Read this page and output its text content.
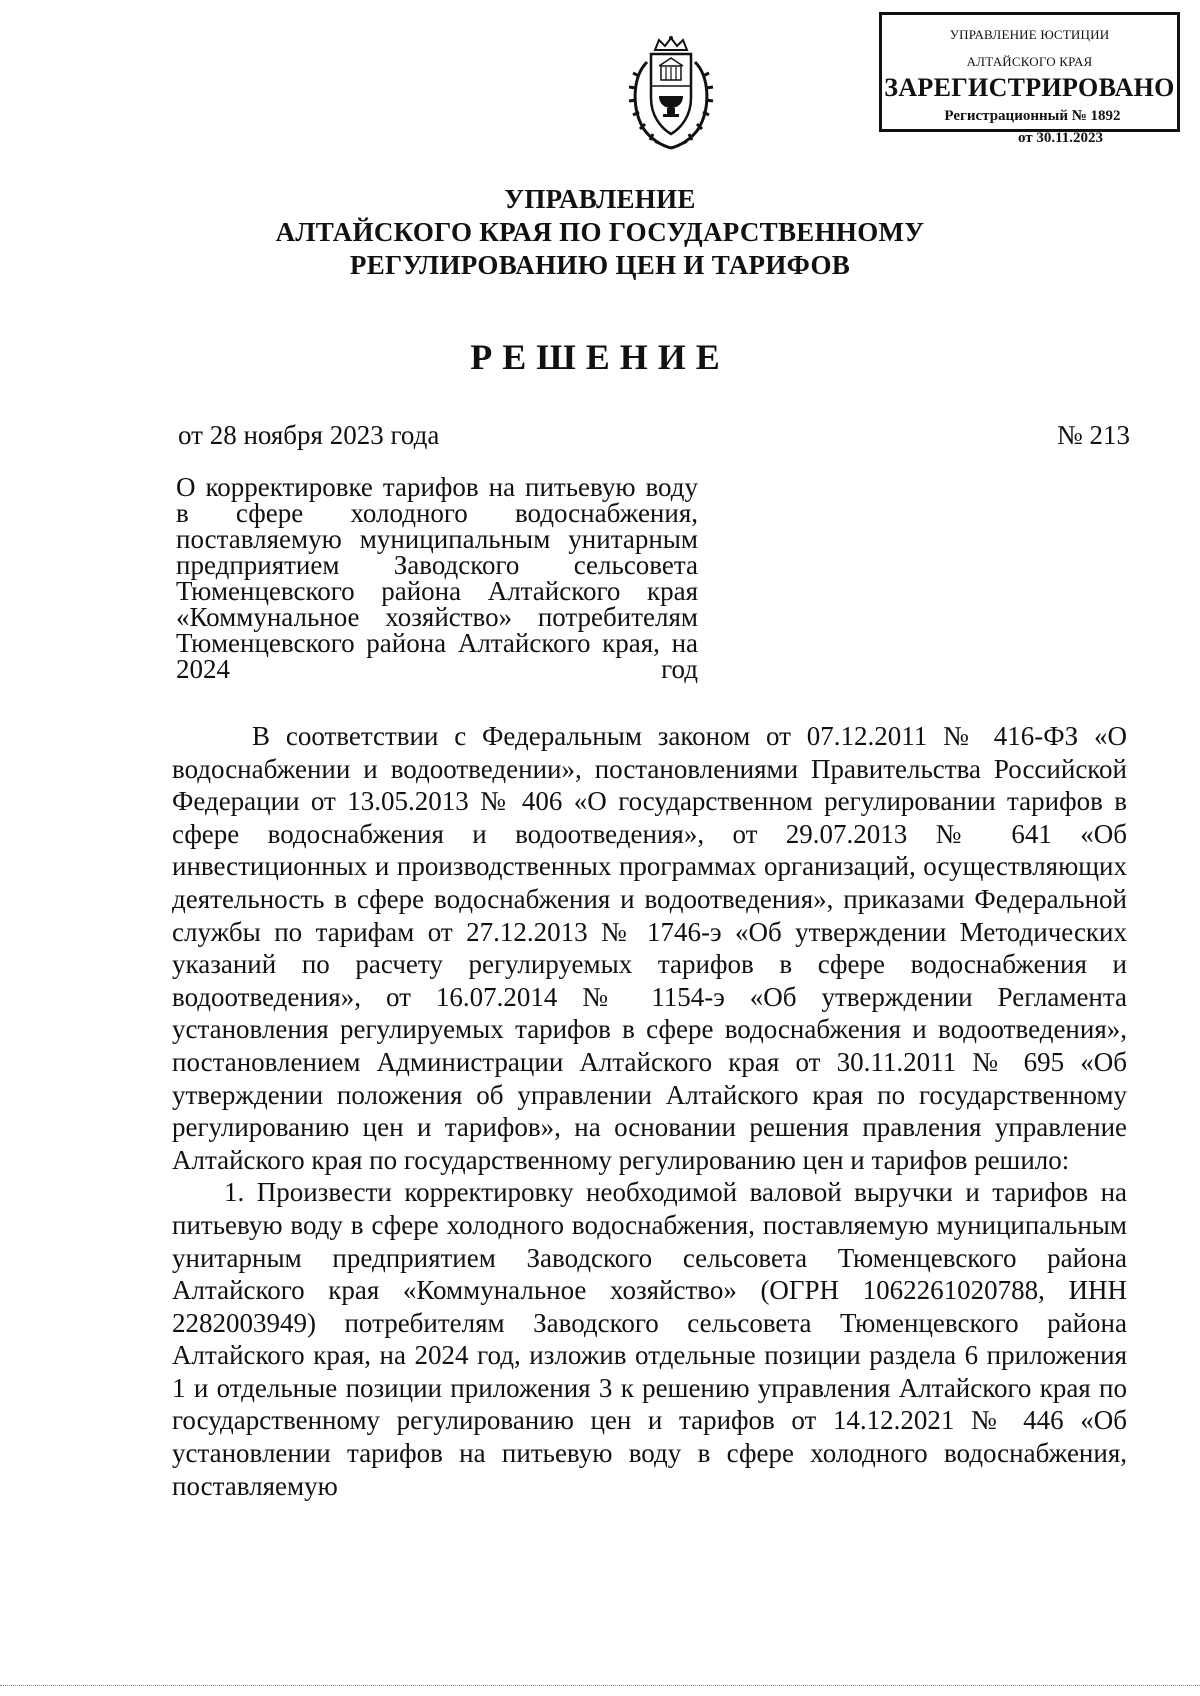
УПРАВЛЕНИЕ ЮСТИЦИИ
АЛТАЙСКОГО КРАЯ
ЗАРЕГИСТРИРОВАНО
Регистрационный № 1892
от 30.11.2023
УПРАВЛЕНИЕ
АЛТАЙСКОГО КРАЯ ПО ГОСУДАРСТВЕННОМУ
РЕГУЛИРОВАНИЮ ЦЕН И ТАРИФОВ
РЕШЕНИЕ
от 28 ноября 2023 года	№ 213
О корректировке тарифов на питьевую воду в сфере холодного водоснабжения, поставляемую муниципальным унитарным предприятием Заводского сельсовета Тюменцевского района Алтайского края «Коммунальное хозяйство» потребителям Тюменцевского района Алтайского края, на 2024 год

В соответствии с Федеральным законом от 07.12.2011 № 416-ФЗ «О водоснабжении и водоотведении», постановлениями Правительства Российской Федерации от 13.05.2013 № 406 «О государственном регулировании тарифов в сфере водоснабжения и водоотведения», от 29.07.2013 № 641 «Об инвестиционных и производственных программах организаций, осуществляющих деятельность в сфере водоснабжения и водоотведения», приказами Федеральной службы по тарифам от 27.12.2013 № 1746-э «Об утверждении Методических указаний по расчету регулируемых тарифов в сфере водоснабжения и водоотведения», от 16.07.2014 № 1154-э «Об утверждении Регламента установления регулируемых тарифов в сфере водоснабжения и водоотведения», постановлением Администрации Алтайского края от 30.11.2011 № 695 «Об утверждении положения об управлении Алтайского края по государственному регулированию цен и тарифов», на основании решения правления управление Алтайского края по государственному регулированию цен и тарифов решило:

1. Произвести корректировку необходимой валовой выручки и тарифов на питьевую воду в сфере холодного водоснабжения, поставляемую муниципальным унитарным предприятием Заводского сельсовета Тюменцевского района Алтайского края «Коммунальное хозяйство» (ОГРН 1062261020788, ИНН 2282003949) потребителям Заводского сельсовета Тюменцевского района Алтайского края, на 2024 год, изложив отдельные позиции раздела 6 приложения 1 и отдельные позиции приложения 3 к решению управления Алтайского края по государственному регулированию цен и тарифов от 14.12.2021 № 446 «Об установлении тарифов на питьевую воду в сфере холодного водоснабжения, поставляемую
